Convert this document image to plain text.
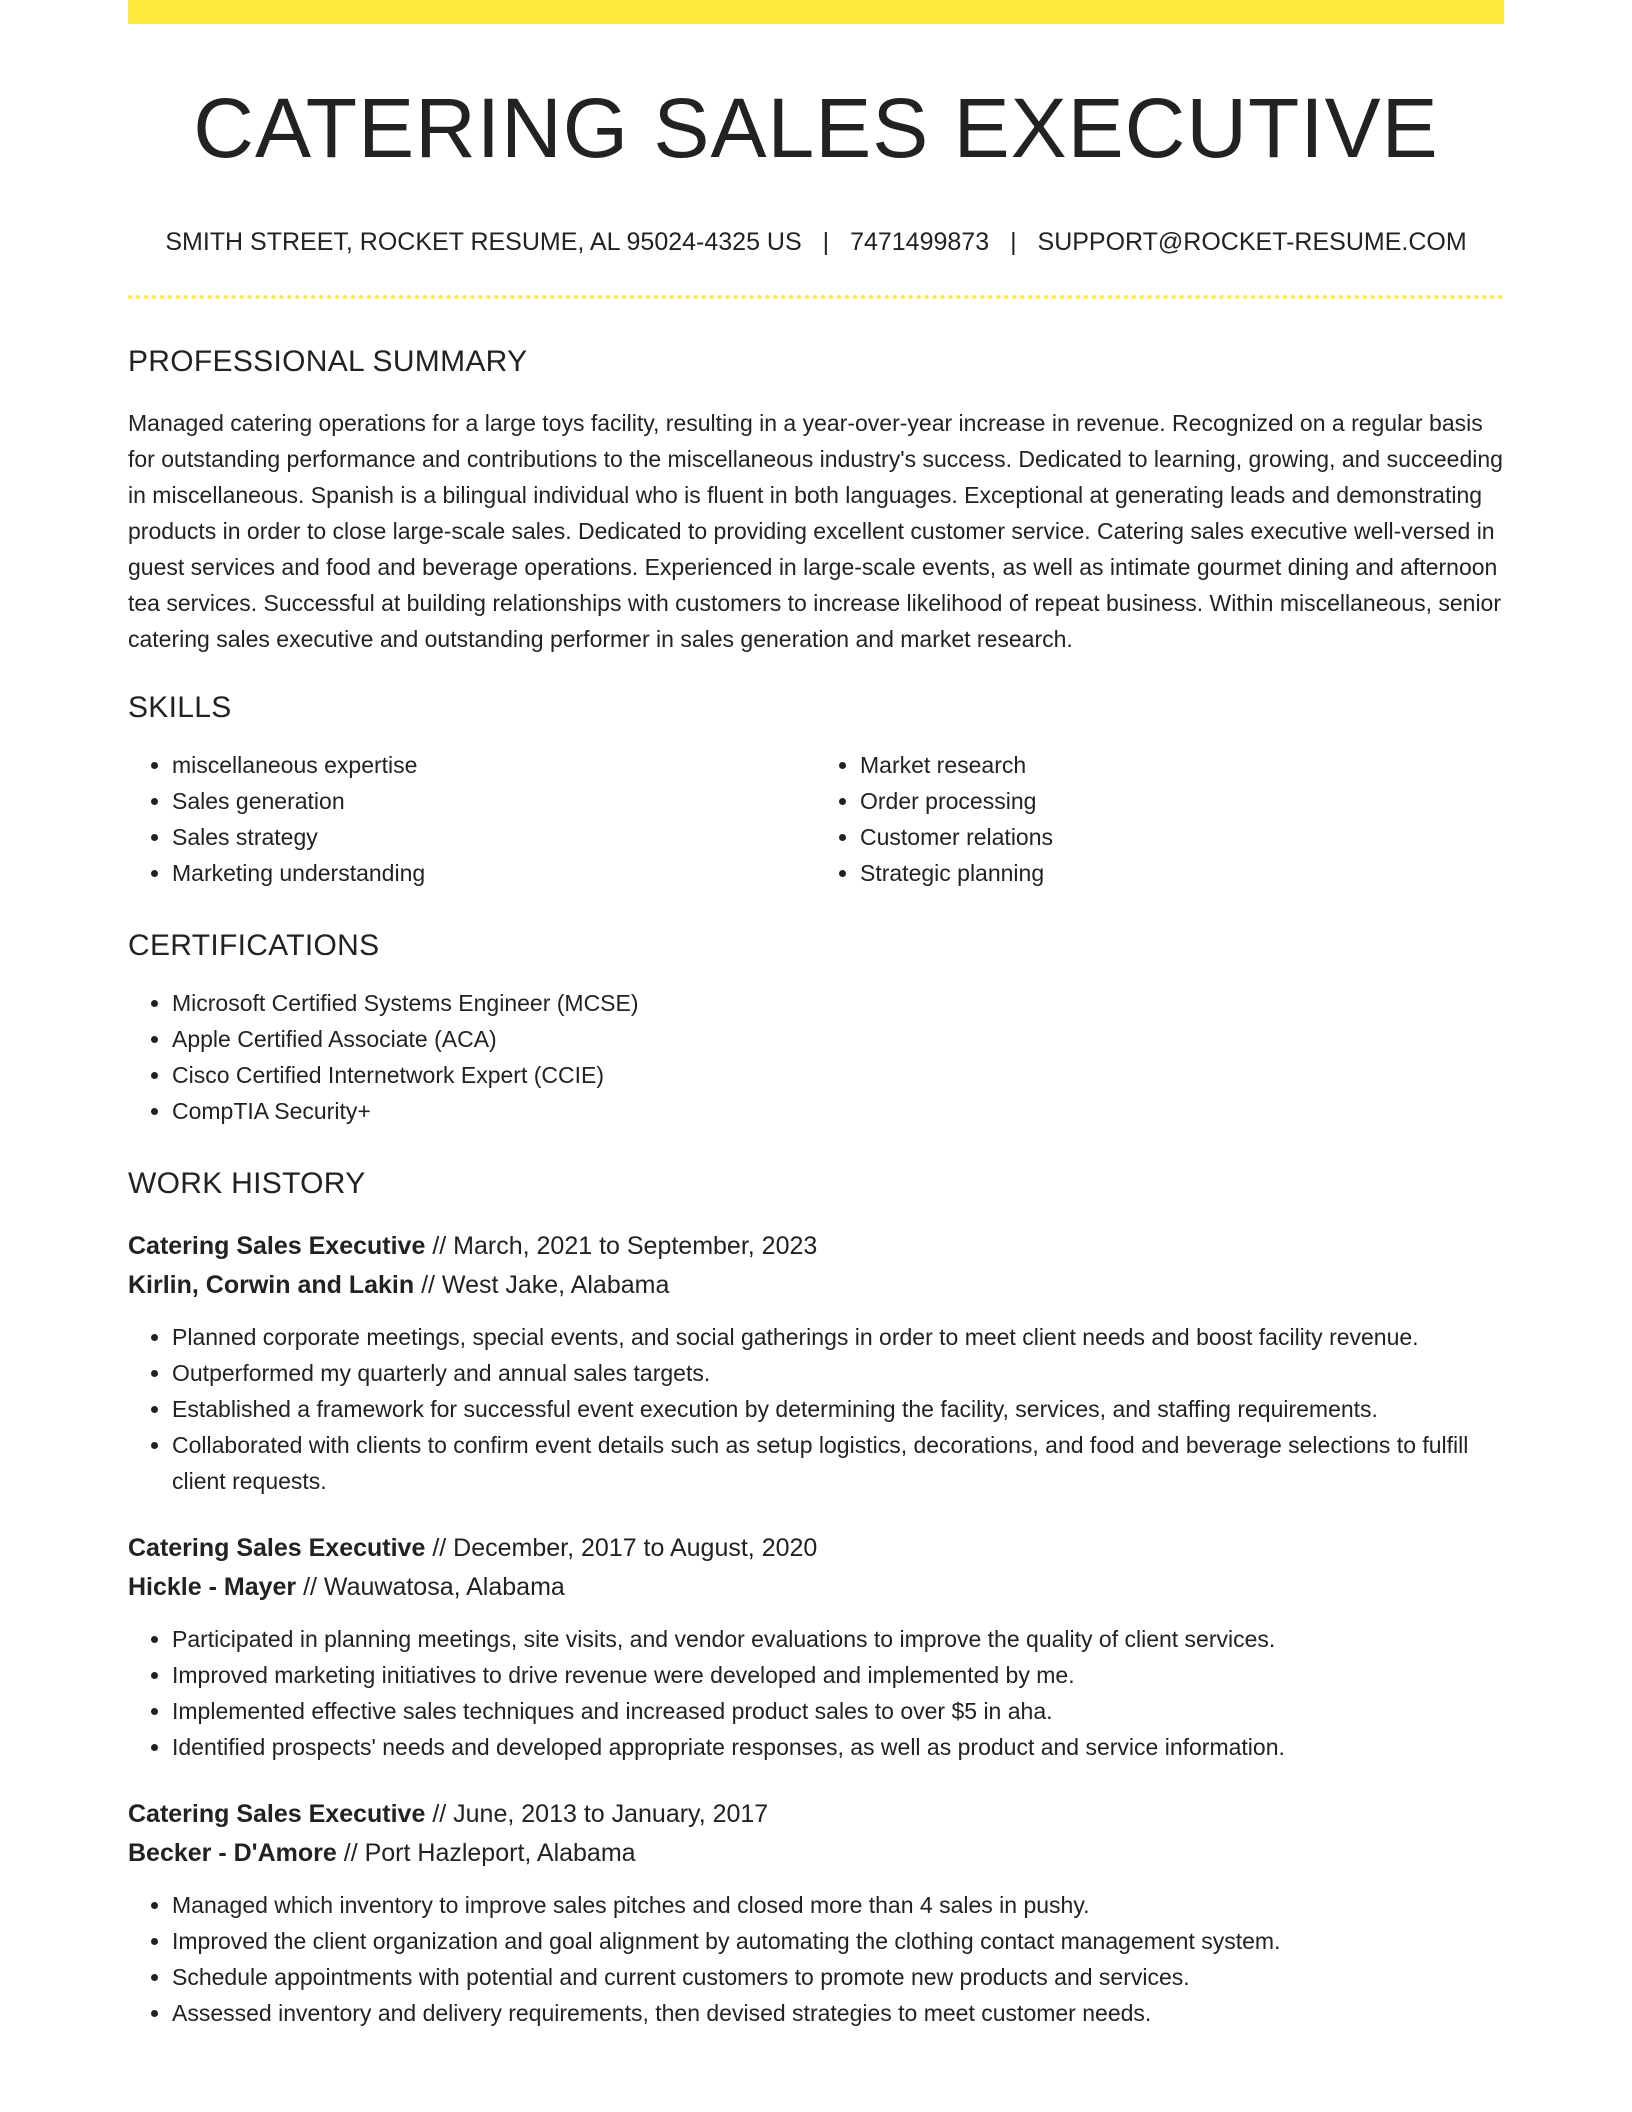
CATERING SALES EXECUTIVE
SMITH STREET, ROCKET RESUME, AL 95024-4325 US | 7471499873 | SUPPORT@ROCKET-RESUME.COM
PROFESSIONAL SUMMARY

Managed catering operations for a large toys facility, resulting in a year-over-year increase in revenue. Recognized on a regular basis for outstanding performance and contributions to the miscellaneous industry's success. Dedicated to learning, growing, and succeeding in miscellaneous. Spanish is a bilingual individual who is fluent in both languages. Exceptional at generating leads and demonstrating products in order to close large-scale sales. Dedicated to providing excellent customer service. Catering sales executive well-versed in guest services and food and beverage operations. Experienced in large-scale events, as well as intimate gourmet dining and afternoon tea services. Successful at building relationships with customers to increase likelihood of repeat business. Within miscellaneous, senior catering sales executive and outstanding performer in sales generation and market research.

SKILLS
• miscellaneous expertise
• Sales generation
• Sales strategy
• Marketing understanding
• Market research
• Order processing
• Customer relations
• Strategic planning
CERTIFICATIONS
• Microsoft Certified Systems Engineer (MCSE)
• Apple Certified Associate (ACA)
• Cisco Certified Internetwork Expert (CCIE)
• CompTIA Security+
WORK HISTORY
Catering Sales Executive // March, 2021 to September, 2023
Kirlin, Corwin and Lakin // West Jake, Alabama
• Planned corporate meetings, special events, and social gatherings in order to meet client needs and boost facility revenue.
• Outperformed my quarterly and annual sales targets.
• Established a framework for successful event execution by determining the facility, services, and staffing requirements.
• Collaborated with clients to confirm event details such as setup logistics, decorations, and food and beverage selections to fulfill client requests.
Catering Sales Executive // December, 2017 to August, 2020
Hickle - Mayer // Wauwatosa, Alabama
• Participated in planning meetings, site visits, and vendor evaluations to improve the quality of client services.
• Improved marketing initiatives to drive revenue were developed and implemented by me.
• Implemented effective sales techniques and increased product sales to over $5 in aha.
• Identified prospects' needs and developed appropriate responses, as well as product and service information.
Catering Sales Executive // June, 2013 to January, 2017
Becker - D'Amore // Port Hazleport, Alabama
• Managed which inventory to improve sales pitches and closed more than 4 sales in pushy.
• Improved the client organization and goal alignment by automating the clothing contact management system.
• Schedule appointments with potential and current customers to promote new products and services.
• Assessed inventory and delivery requirements, then devised strategies to meet customer needs.
